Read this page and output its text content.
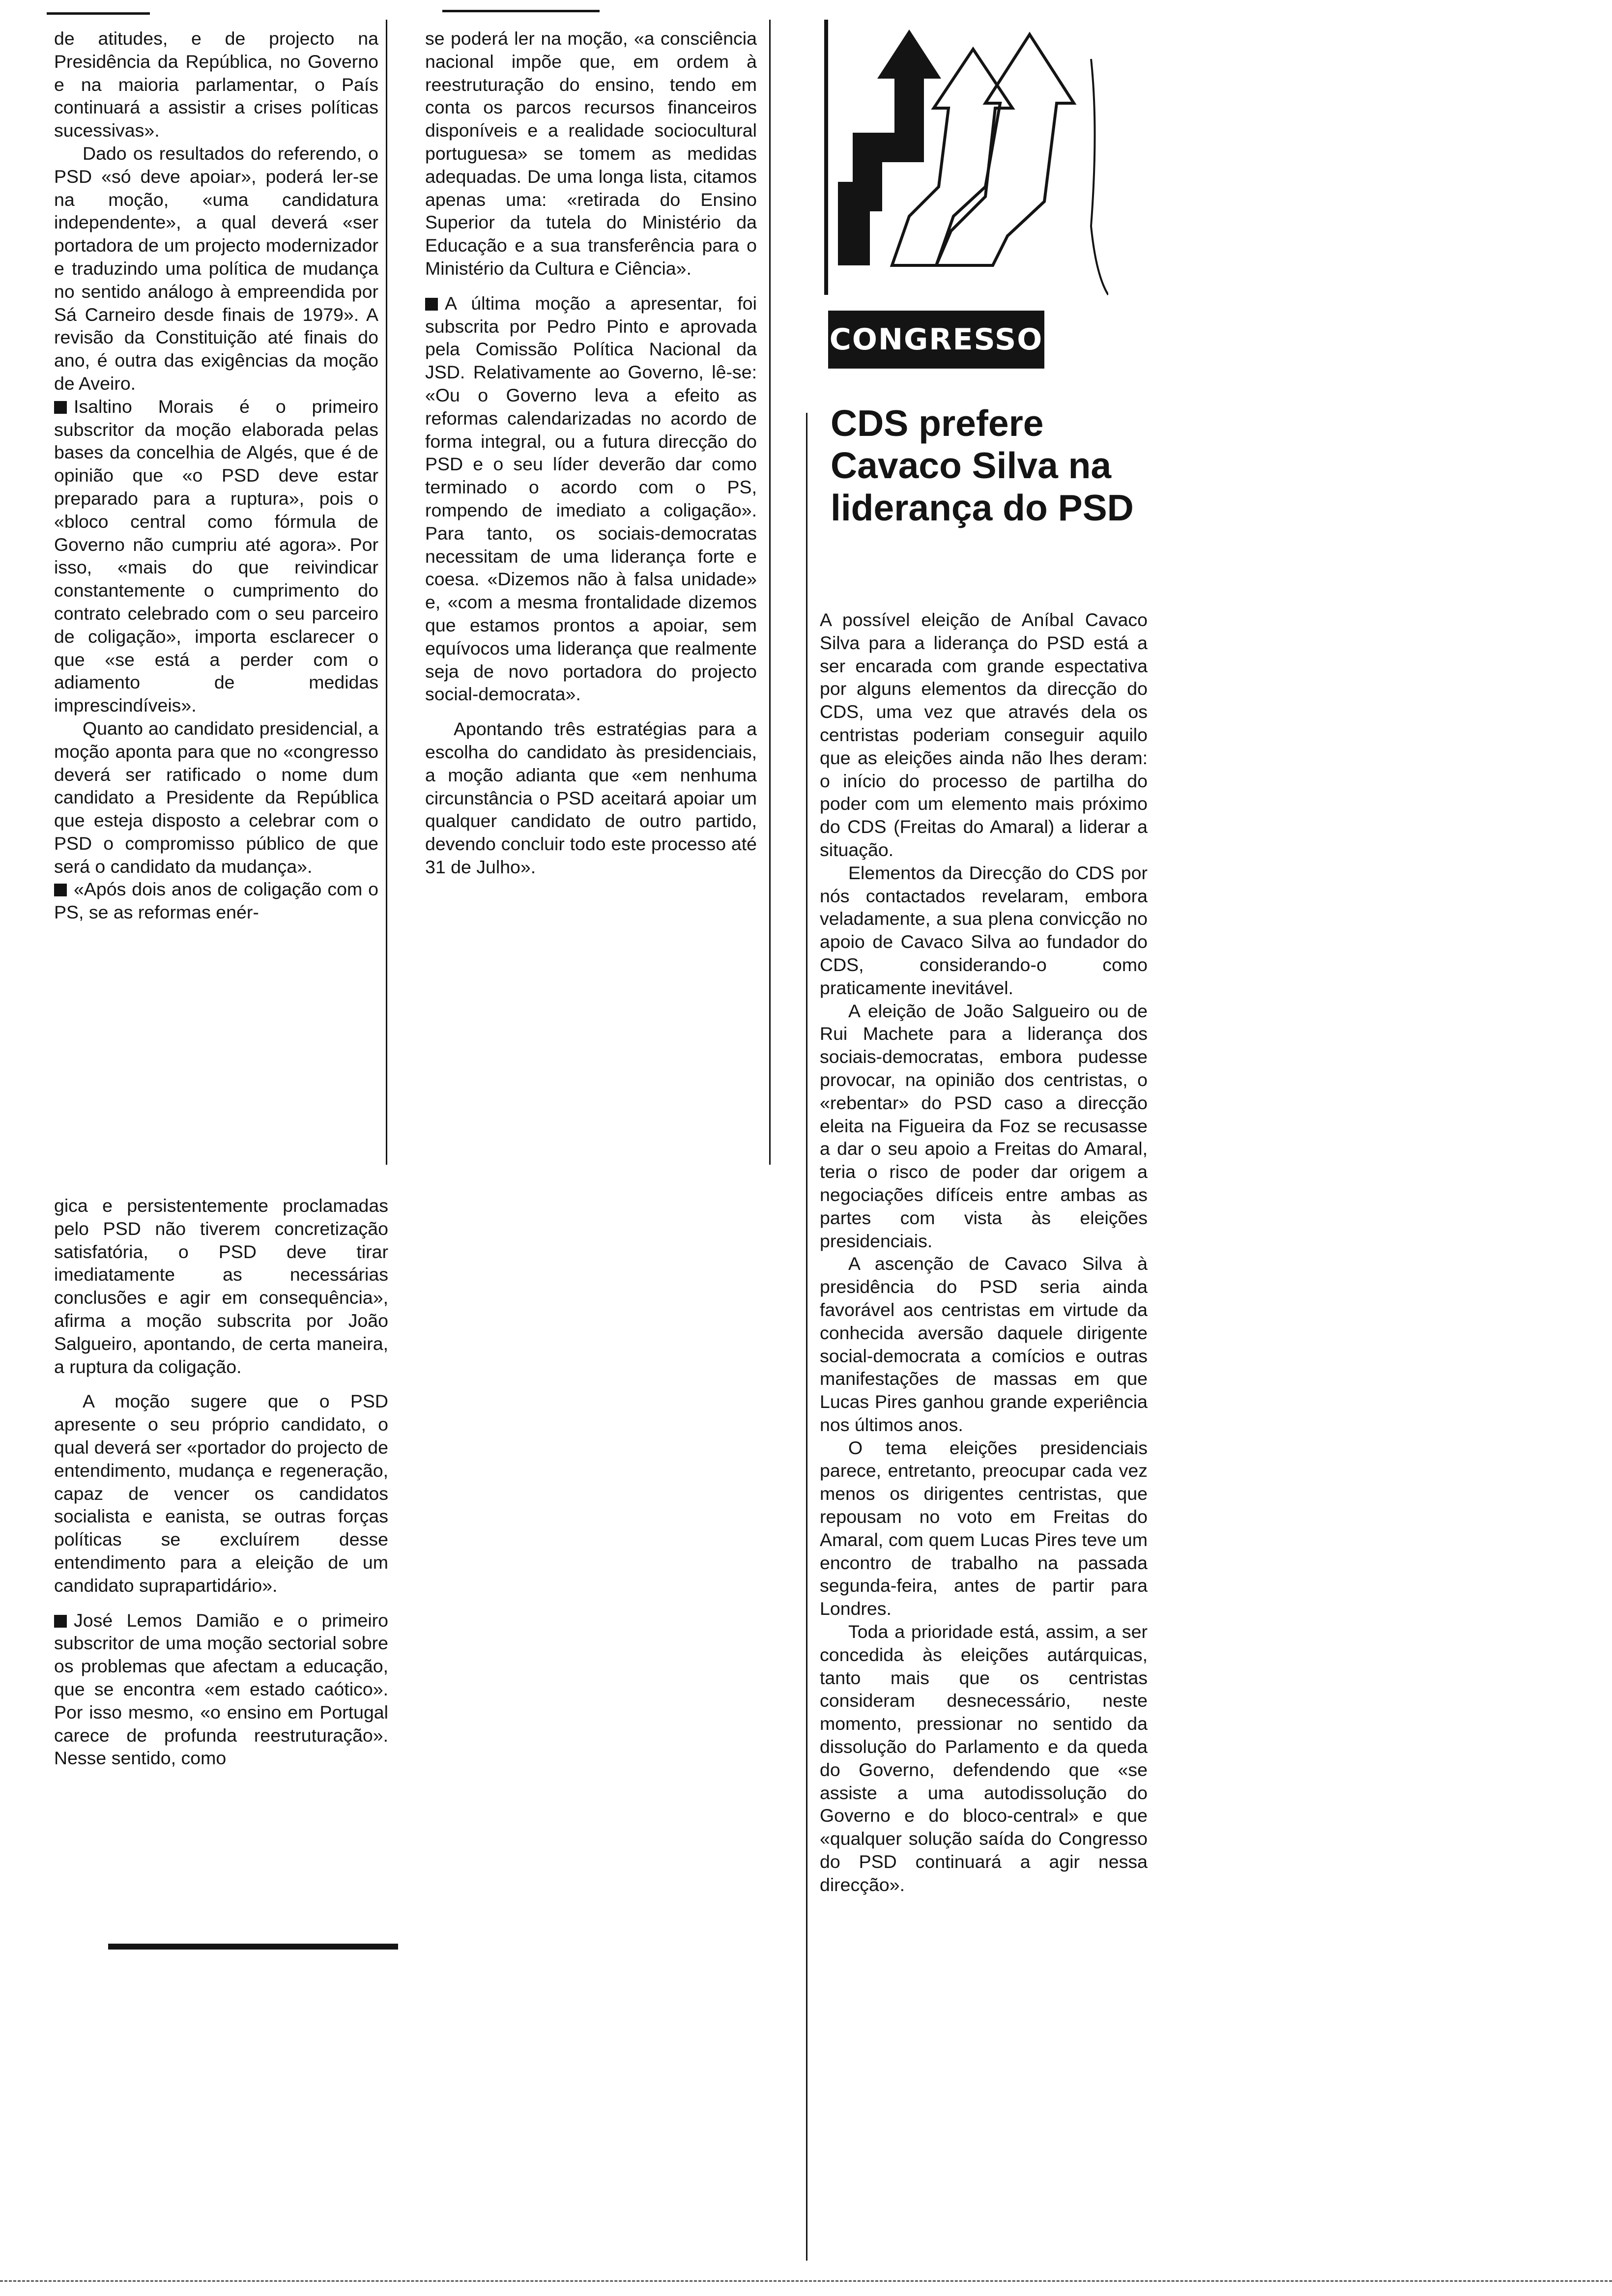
de atitudes, e de projecto na Presidência da República, no Governo e na maioria parlamentar, o País continuará a assistir a crises políticas sucessivas».

Dado os resultados do referendo, o PSD «só deve apoiar», poderá ler-se na moção, «uma candidatura independente», a qual deverá «ser portadora de um projecto modernizador e traduzindo uma política de mudança no sentido análogo à empreendida por Sá Carneiro desde finais de 1979». A revisão da Constituição até finais do ano, é outra das exigências da moção de Aveiro.

Isaltino Morais é o primeiro subscritor da moção elaborada pelas bases da concelhia de Algés, que é de opinião que «o PSD deve estar preparado para a ruptura», pois o «bloco central como fórmula de Governo não cumpriu até agora». Por isso, «mais do que reivindicar constantemente o cumprimento do contrato celebrado com o seu parceiro de coligação», importa esclarecer o que «se está a perder com o adiamento de medidas imprescindíveis».

Quanto ao candidato presidencial, a moção aponta para que no «congresso deverá ser ratificado o nome dum candidato a Presidente da República que esteja disposto a celebrar com o PSD o compromisso público de que será o candidato da mudança».

«Após dois anos de coligação com o PS, se as reformas enér-

gica e persistentemente proclamadas pelo PSD não tiverem concretização satisfatória, o PSD deve tirar imediatamente as necessárias conclusões e agir em consequência», afirma a moção subscrita por João Salgueiro, apontando, de certa maneira, a ruptura da coligação.

A moção sugere que o PSD apresente o seu próprio candidato, o qual deverá ser «portador do projecto de entendimento, mudança e regeneração, capaz de vencer os candidatos socialista e eanista, se outras forças políticas se excluírem desse entendimento para a eleição de um candidato suprapartidário».

José Lemos Damião e o primeiro subscritor de uma moção sectorial sobre os problemas que afectam a educação, que se encontra «em estado caótico». Por isso mesmo, «o ensino em Portugal carece de profunda reestruturação». Nesse sentido, como

se poderá ler na moção, «a consciência nacional impõe que, em ordem à reestruturação do ensino, tendo em conta os parcos recursos financeiros disponíveis e a realidade sociocultural portuguesa» se tomem as medidas adequadas. De uma longa lista, citamos apenas uma: «retirada do Ensino Superior da tutela do Ministério da Educação e a sua transferência para o Ministério da Cultura e Ciência».

A última moção a apresentar, foi subscrita por Pedro Pinto e aprovada pela Comissão Política Nacional da JSD. Relativamente ao Governo, lê-se: «Ou o Governo leva a efeito as reformas calendarizadas no acordo de forma integral, ou a futura direcção do PSD e o seu líder deverão dar como terminado o acordo com o PS, rompendo de imediato a coligação». Para tanto, os sociais-democratas necessitam de uma liderança forte e coesa. «Dizemos não à falsa unidade» e, «com a mesma frontalidade dizemos que estamos prontos a apoiar, sem equívocos uma liderança que realmente seja de novo portadora do projecto social-democrata».

Apontando três estratégias para a escolha do candidato às presidenciais, a moção adianta que «em nenhuma circunstância o PSD aceitará apoiar um qualquer candidato de outro partido, devendo concluir todo este processo até 31 de Julho».

CONGRESSO
CDS prefere Cavaco Silva na liderança do PSD

A possível eleição de Aníbal Cavaco Silva para a liderança do PSD está a ser encarada com grande espectativa por alguns elementos da direcção do CDS, uma vez que através dela os centristas poderiam conseguir aquilo que as eleições ainda não lhes deram: o início do processo de partilha do poder com um elemento mais próximo do CDS (Freitas do Amaral) a liderar a situação.

Elementos da Direcção do CDS por nós contactados revelaram, embora veladamente, a sua plena convicção no apoio de Cavaco Silva ao fundador do CDS, considerando-o como praticamente inevitável.

A eleição de João Salgueiro ou de Rui Machete para a liderança dos sociais-democratas, embora pudesse provocar, na opinião dos centristas, o «rebentar» do PSD caso a direcção eleita na Figueira da Foz se recusasse a dar o seu apoio a Freitas do Amaral, teria o risco de poder dar origem a negociações difíceis entre ambas as partes com vista às eleições presidenciais.

A ascenção de Cavaco Silva à presidência do PSD seria ainda favorável aos centristas em virtude da conhecida aversão daquele dirigente social-democrata a comícios e outras manifestações de massas em que Lucas Pires ganhou grande experiência nos últimos anos.

O tema eleições presidenciais parece, entretanto, preocupar cada vez menos os dirigentes centristas, que repousam no voto em Freitas do Amaral, com quem Lucas Pires teve um encontro de trabalho na passada segunda-feira, antes de partir para Londres.

Toda a prioridade está, assim, a ser concedida às eleições autárquicas, tanto mais que os centristas consideram desnecessário, neste momento, pressionar no sentido da dissolução do Parlamento e da queda do Governo, defendendo que «se assiste a uma autodissolução do Governo e do bloco-central» e que «qualquer solução saída do Congresso do PSD continuará a agir nessa direcção».
